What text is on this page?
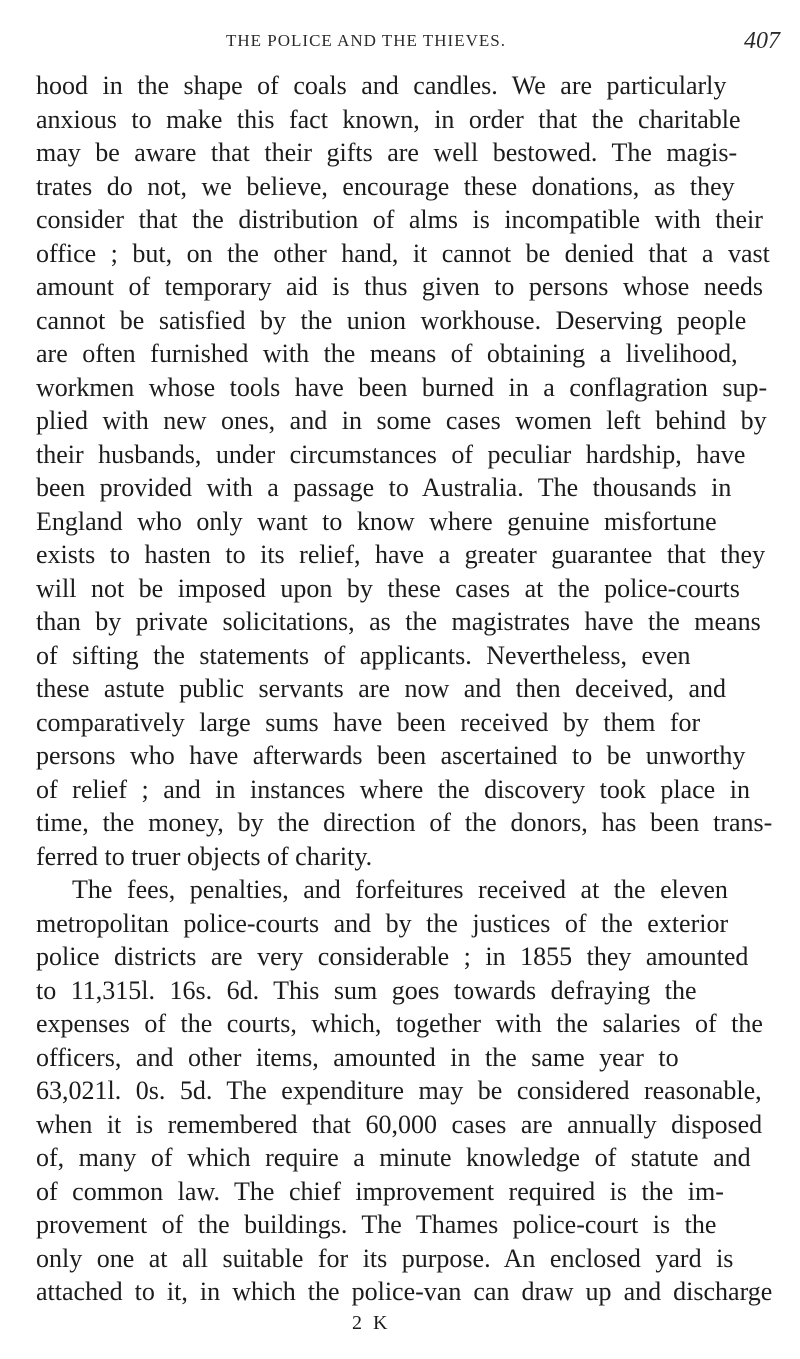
THE POLICE AND THE THIEVES.	407
hood in the shape of coals and candles. We are particularly
anxious to make this fact known, in order that the charitable
may be aware that their gifts are well bestowed. The magis-
trates do not, we believe, encourage these donations, as they
consider that the distribution of alms is incompatible with their
office ; but, on the other hand, it cannot be denied that a vast
amount of temporary aid is thus given to persons whose needs
cannot be satisfied by the union workhouse. Deserving people
are often furnished with the means of obtaining a livelihood,
workmen whose tools have been burned in a conflagration sup-
plied with new ones, and in some cases women left behind by
their husbands, under circumstances of peculiar hardship, have
been provided with a passage to Australia. The thousands in
England who only want to know where genuine misfortune
exists to hasten to its relief, have a greater guarantee that they
will not be imposed upon by these cases at the police-courts
than by private solicitations, as the magistrates have the means
of sifting the statements of applicants. Nevertheless, even
these astute public servants are now and then deceived, and
comparatively large sums have been received by them for
persons who have afterwards been ascertained to be unworthy
of relief ; and in instances where the discovery took place in
time, the money, by the direction of the donors, has been trans-
ferred to truer objects of charity.
The fees, penalties, and forfeitures received at the eleven
metropolitan police-courts and by the justices of the exterior
police districts are very considerable ; in 1855 they amounted
to 11,315l. 16s. 6d. This sum goes towards defraying the
expenses of the courts, which, together with the salaries of the
officers, and other items, amounted in the same year to
63,021l. 0s. 5d. The expenditure may be considered reasonable,
when it is remembered that 60,000 cases are annually disposed
of, many of which require a minute knowledge of statute and
of common law. The chief improvement required is the im-
provement of the buildings. The Thames police-court is the
only one at all suitable for its purpose. An enclosed yard is
attached to it, in which the police-van can draw up and discharge
2 K
